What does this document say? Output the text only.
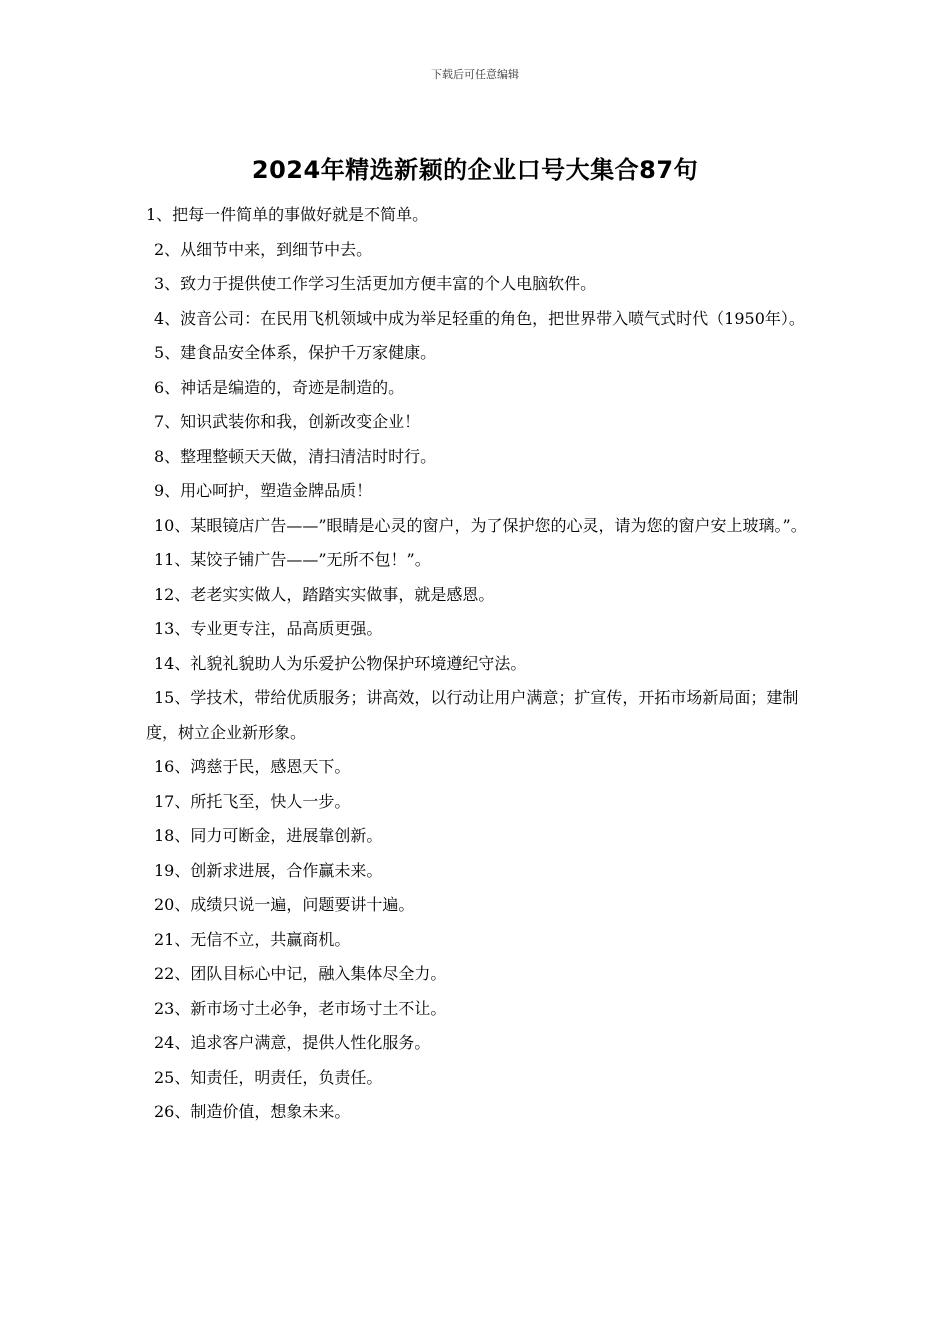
下载后可任意编辑
2024年精选新颖的企业口号大集合87句
1、把每一件简单的事做好就是不简单。
2、从细节中来，到细节中去。
3、致力于提供使工作学习生活更加方便丰富的个人电脑软件。
4、波音公司：在民用飞机领域中成为举足轻重的角色，把世界带入喷气式时代（1950年）。
5、建食品安全体系，保护千万家健康。
6、神话是编造的，奇迹是制造的。
7、知识武装你和我，创新改变企业！
8、整理整顿天天做，清扫清洁时时行。
9、用心呵护，塑造金牌品质！
10、某眼镜店广告——”眼睛是心灵的窗户，为了保护您的心灵，请为您的窗户安上玻璃。”。
11、某饺子铺广告——”无所不包！”。
12、老老实实做人，踏踏实实做事，就是感恩。
13、专业更专注，品高质更强。
14、礼貌礼貌助人为乐爱护公物保护环境遵纪守法。
15、学技术，带给优质服务；讲高效，以行动让用户满意；扩宣传，开拓市场新局面；建制度，树立企业新形象。
16、鸿慈于民，感恩天下。
17、所托飞至，快人一步。
18、同力可断金，进展靠创新。
19、创新求进展，合作赢未来。
20、成绩只说一遍，问题要讲十遍。
21、无信不立，共赢商机。
22、团队目标心中记，融入集体尽全力。
23、新市场寸土必争，老市场寸土不让。
24、追求客户满意，提供人性化服务。
25、知责任，明责任，负责任。
26、制造价值，想象未来。
